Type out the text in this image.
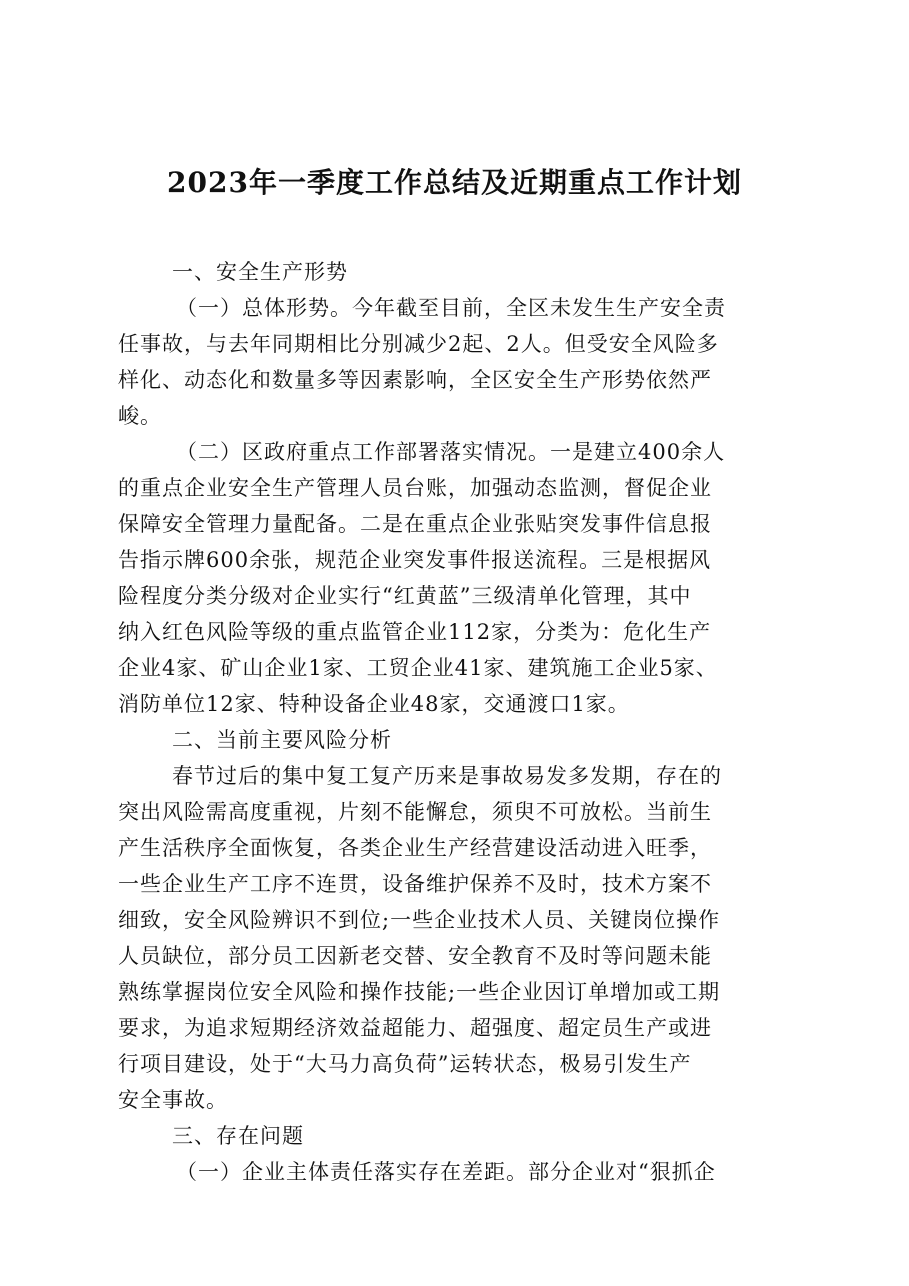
2023年一季度工作总结及近期重点工作计划
一、安全生产形势
（一）总体形势。今年截至目前，全区未发生生产安全责
任事故，与去年同期相比分别减少2起、2人。但受安全风险多
样化、动态化和数量多等因素影响，全区安全生产形势依然严
峻。
（二）区政府重点工作部署落实情况。一是建立400余人
的重点企业安全生产管理人员台账，加强动态监测，督促企业
保障安全管理力量配备。二是在重点企业张贴突发事件信息报
告指示牌600余张，规范企业突发事件报送流程。三是根据风
险程度分类分级对企业实行“红黄蓝”三级清单化管理，其中
纳入红色风险等级的重点监管企业112家，分类为：危化生产
企业4家、矿山企业1家、工贸企业41家、建筑施工企业5家、
消防单位12家、特种设备企业48家，交通渡口1家。
二、当前主要风险分析
春节过后的集中复工复产历来是事故易发多发期，存在的
突出风险需高度重视，片刻不能懈怠，须臾不可放松。当前生
产生活秩序全面恢复，各类企业生产经营建设活动进入旺季，
一些企业生产工序不连贯，设备维护保养不及时，技术方案不
细致，安全风险辨识不到位;一些企业技术人员、关键岗位操作
人员缺位，部分员工因新老交替、安全教育不及时等问题未能
熟练掌握岗位安全风险和操作技能;一些企业因订单增加或工期
要求，为追求短期经济效益超能力、超强度、超定员生产或进
行项目建设，处于“大马力高负荷”运转状态，极易引发生产
安全事故。
三、存在问题
（一）企业主体责任落实存在差距。部分企业对“狠抓企
